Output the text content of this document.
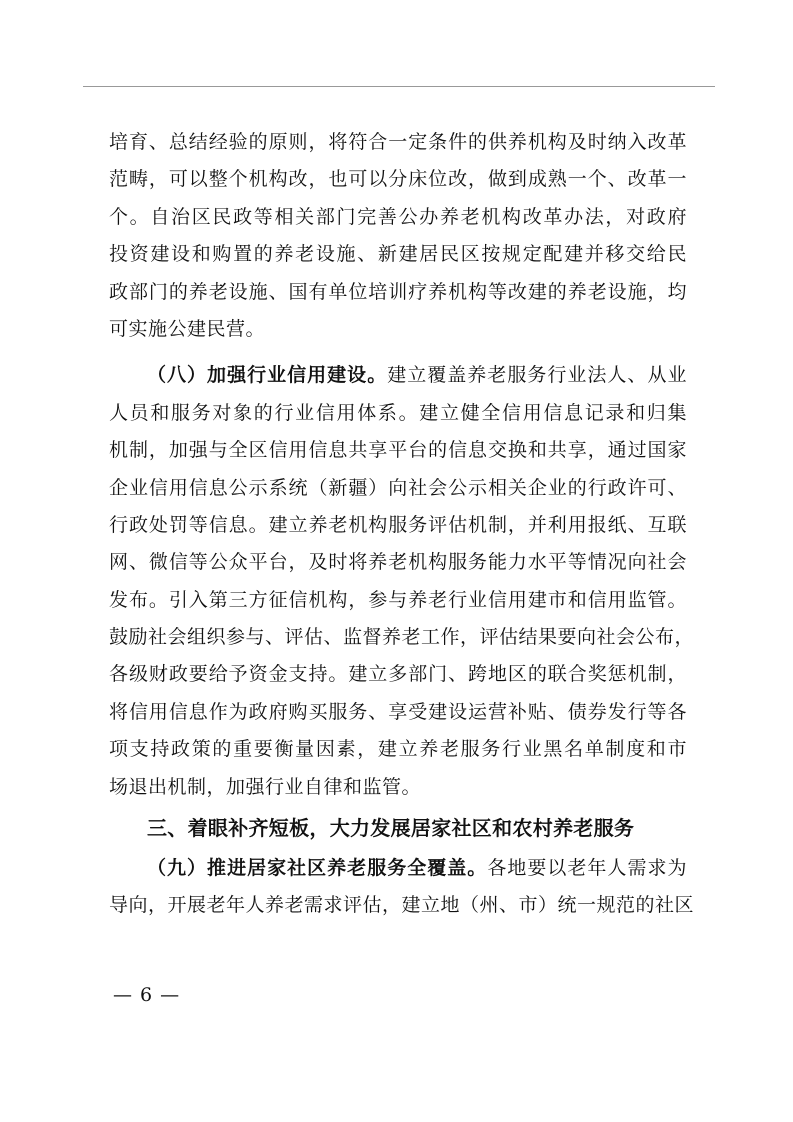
培育、总结经验的原则，将符合一定条件的供养机构及时纳入改革
范畴，可以整个机构改，也可以分床位改，做到成熟一个、改革一
个。自治区民政等相关部门完善公办养老机构改革办法，对政府
投资建设和购置的养老设施、新建居民区按规定配建并移交给民
政部门的养老设施、国有单位培训疗养机构等改建的养老设施，均
可实施公建民营。
（八）加强行业信用建设。建立覆盖养老服务行业法人、从业
人员和服务对象的行业信用体系。建立健全信用信息记录和归集
机制，加强与全区信用信息共享平台的信息交换和共享，通过国家
企业信用信息公示系统（新疆）向社会公示相关企业的行政许可、
行政处罚等信息。建立养老机构服务评估机制，并利用报纸、互联
网、微信等公众平台，及时将养老机构服务能力水平等情况向社会
发布。引入第三方征信机构，参与养老行业信用建市和信用监管。
鼓励社会组织参与、评估、监督养老工作，评估结果要向社会公布，
各级财政要给予资金支持。建立多部门、跨地区的联合奖惩机制，
将信用信息作为政府购买服务、享受建设运营补贴、债券发行等各
项支持政策的重要衡量因素，建立养老服务行业黑名单制度和市
场退出机制，加强行业自律和监管。
三、着眼补齐短板，大力发展居家社区和农村养老服务
（九）推进居家社区养老服务全覆盖。各地要以老年人需求为
导向，开展老年人养老需求评估，建立地（州、市）统一规范的社区
— 6 —
